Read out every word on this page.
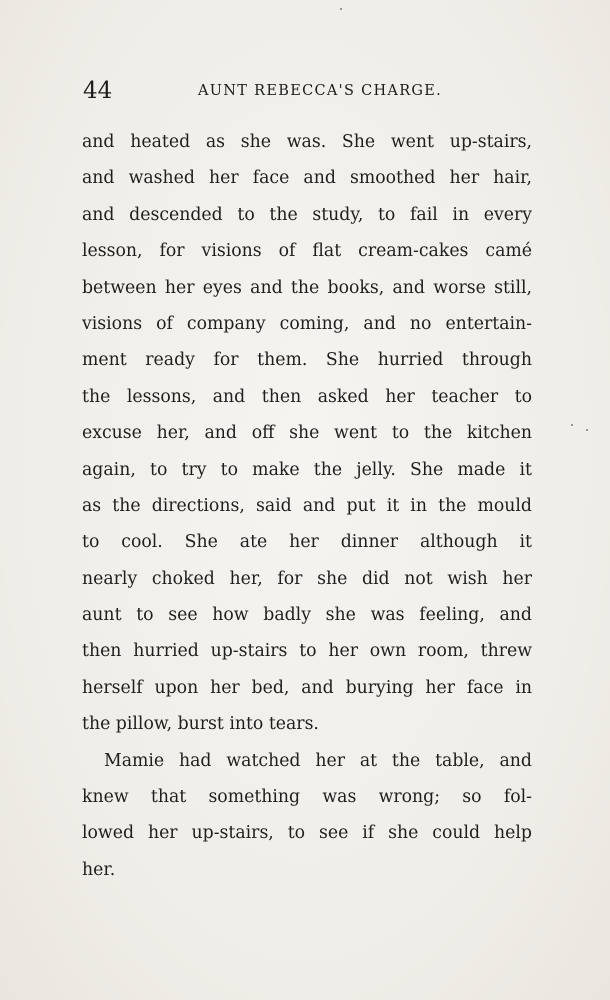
44	AUNT REBECCA'S CHARGE.
and heated as she was. She went up-stairs,
and washed her face and smoothed her hair,
and descended to the study, to fail in every
lesson, for visions of flat cream-cakes camé
between her eyes and the books, and worse still,
visions of company coming, and no entertain-
ment ready for them. She hurried through
the lessons, and then asked her teacher to
excuse her, and off she went to the kitchen
again, to try to make the jelly. She made it
as the directions, said and put it in the mould
to cool. She ate her dinner although it
nearly choked her, for she did not wish her
aunt to see how badly she was feeling, and
then hurried up-stairs to her own room, threw
herself upon her bed, and burying her face in
the pillow, burst into tears.
Mamie had watched her at the table, and
knew that something was wrong; so fol-
lowed her up-stairs, to see if she could help
her.
